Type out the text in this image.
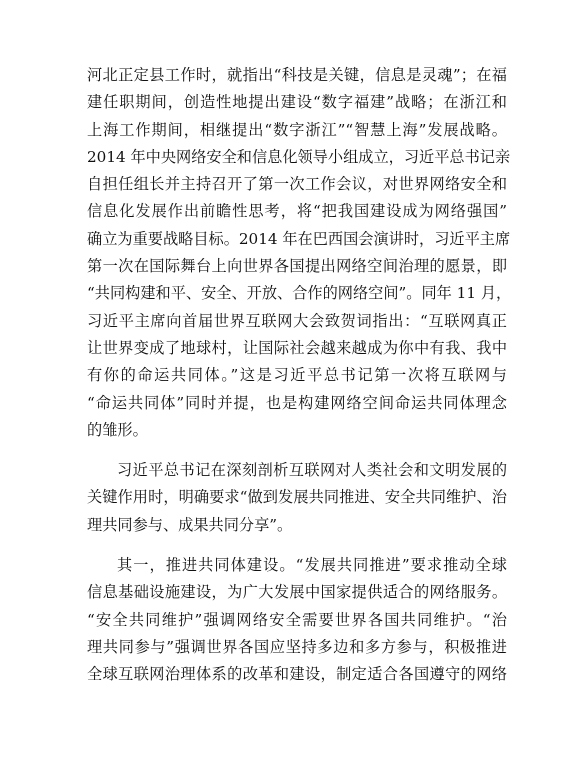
河北正定县工作时，就指出“科技是关键，信息是灵魂”；在福
建任职期间，创造性地提出建设“数字福建”战略；在浙江和
上海工作期间，相继提出“数字浙江”“智慧上海”发展战略。
2014 年中央网络安全和信息化领导小组成立，习近平总书记亲
自担任组长并主持召开了第一次工作会议，对世界网络安全和
信息化发展作出前瞻性思考，将“把我国建设成为网络强国”
确立为重要战略目标。2014 年在巴西国会演讲时，习近平主席
第一次在国际舞台上向世界各国提出网络空间治理的愿景，即
“共同构建和平、安全、开放、合作的网络空间”。同年 11 月，
习近平主席向首届世界互联网大会致贺词指出：“互联网真正
让世界变成了地球村，让国际社会越来越成为你中有我、我中
有你的命运共同体。”这是习近平总书记第一次将互联网与
“命运共同体”同时并提，也是构建网络空间命运共同体理念
的雏形。
习近平总书记在深刻剖析互联网对人类社会和文明发展的
关键作用时，明确要求“做到发展共同推进、安全共同维护、治
理共同参与、成果共同分享”。
其一，推进共同体建设。“发展共同推进”要求推动全球
信息基础设施建设，为广大发展中国家提供适合的网络服务。
“安全共同维护”强调网络安全需要世界各国共同维护。“治
理共同参与”强调世界各国应坚持多边和多方参与，积极推进
全球互联网治理体系的改革和建设，制定适合各国遵守的网络
